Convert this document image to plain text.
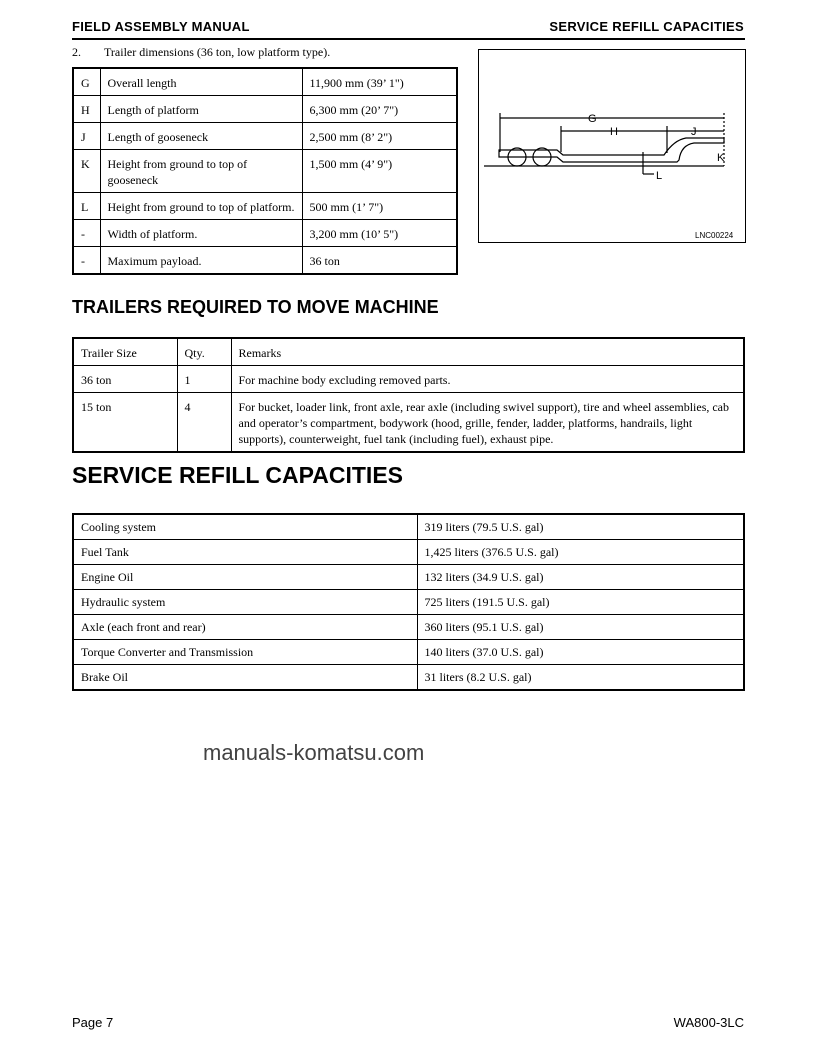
FIELD ASSEMBLY MANUAL	SERVICE REFILL CAPACITIES
2. Trailer dimensions (36 ton, low platform type).
G	Overall length	11,900 mm (39’ 1")
H	Length of platform	6,300 mm (20’ 7")
J	Length of gooseneck	2,500 mm (8’ 2")
K	Height from ground to top of gooseneck	1,500 mm (4’ 9")
L	Height from ground to top of platform.	500 mm (1’ 7")
-	Width of platform.	3,200 mm (10’ 5")
-	Maximum payload.	36 ton
G
H	J
K
L
LNC00224
TRAILERS REQUIRED TO MOVE MACHINE
Trailer Size	Qty.	Remarks
36 ton	1	For machine body excluding removed parts.
15 ton	4	For bucket, loader link, front axle, rear axle (including swivel support), tire and wheel assemblies, cab and operator’s compartment, bodywork (hood, grille, fender, ladder, platforms, handrails, light supports), counterweight, fuel tank (including fuel), exhaust pipe.
SERVICE REFILL CAPACITIES
Cooling system	319 liters (79.5 U.S. gal)
Fuel Tank	1,425 liters (376.5 U.S. gal)
Engine Oil	132 liters (34.9 U.S. gal)
Hydraulic system	725 liters (191.5 U.S. gal)
Axle (each front and rear)	360 liters (95.1 U.S. gal)
Torque Converter and Transmission	140 liters (37.0 U.S. gal)
Brake Oil	31 liters (8.2 U.S. gal)
manuals-komatsu.com
Page 7	WA800-3LC
